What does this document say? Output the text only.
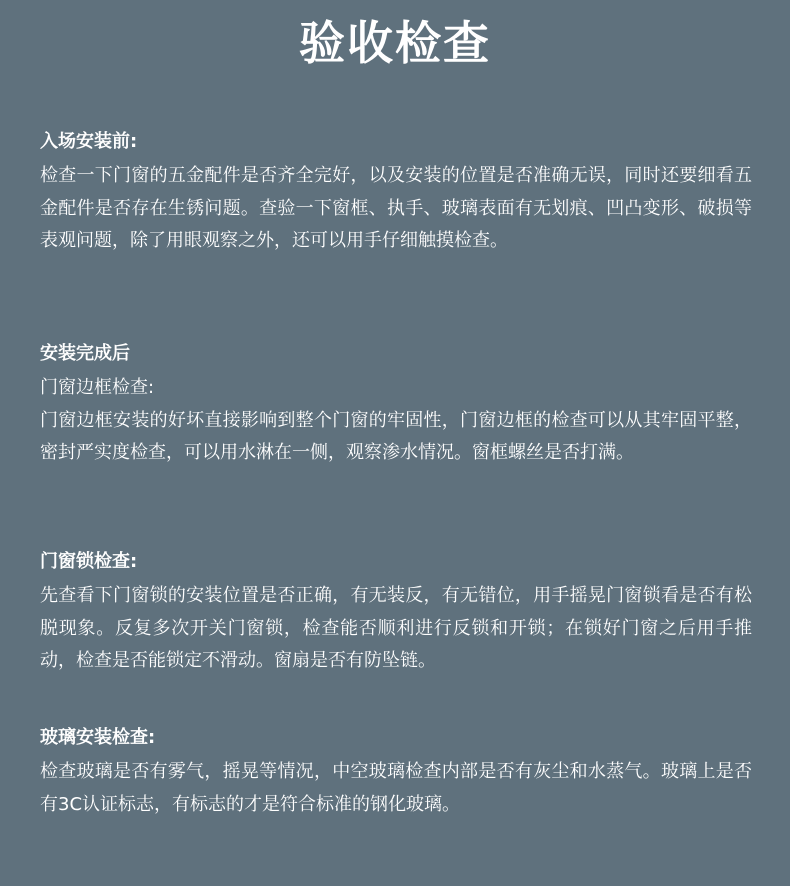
验收检查

入场安装前:

检查一下门窗的五金配件是否齐全完好，以及安装的位置是否准确无误，同时还要细看五金配件是否存在生锈问题。查验一下窗框、执手、玻璃表面有无划痕、凹凸变形、破损等表观问题，除了用眼观察之外，还可以用手仔细触摸检查。

安装完成后

门窗边框检查:

门窗边框安装的好坏直接影响到整个门窗的牢固性，门窗边框的检查可以从其牢固平整，密封严实度检查，可以用水淋在一侧，观察渗水情况。窗框螺丝是否打满。

门窗锁检查:

先查看下门窗锁的安装位置是否正确，有无装反，有无错位，用手摇晃门窗锁看是否有松脱现象。反复多次开关门窗锁，检查能否顺利进行反锁和开锁；在锁好门窗之后用手推动，检查是否能锁定不滑动。窗扇是否有防坠链。

玻璃安装检查:

检查玻璃是否有雾气，摇晃等情况，中空玻璃检查内部是否有灰尘和水蒸气。玻璃上是否有3C认证标志，有标志的才是符合标准的钢化玻璃。
